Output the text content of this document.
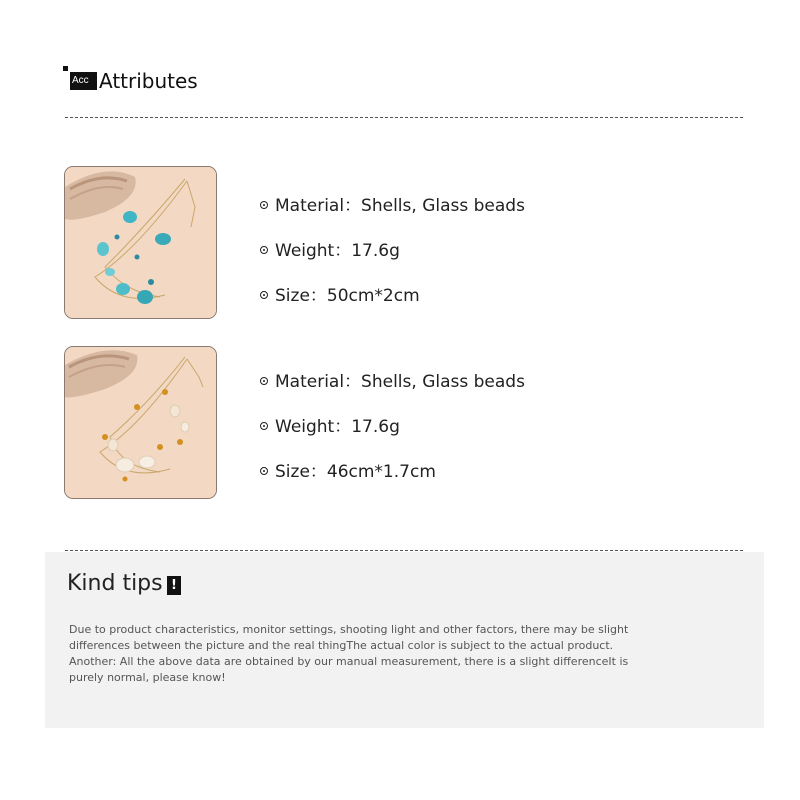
Acc Attributes
Material：Shells, Glass beads
Weight：17.6g
Size：50cm*2cm
Material：Shells, Glass beads
Weight：17.6g
Size：46cm*1.7cm
Kind tips !
Due to product characteristics, monitor settings, shooting light and other factors, there may be slight differences between the picture and the real thingThe actual color is subject to the actual product. Another: All the above data are obtained by our manual measurement, there is a slight differenceIt is purely normal, please know!
